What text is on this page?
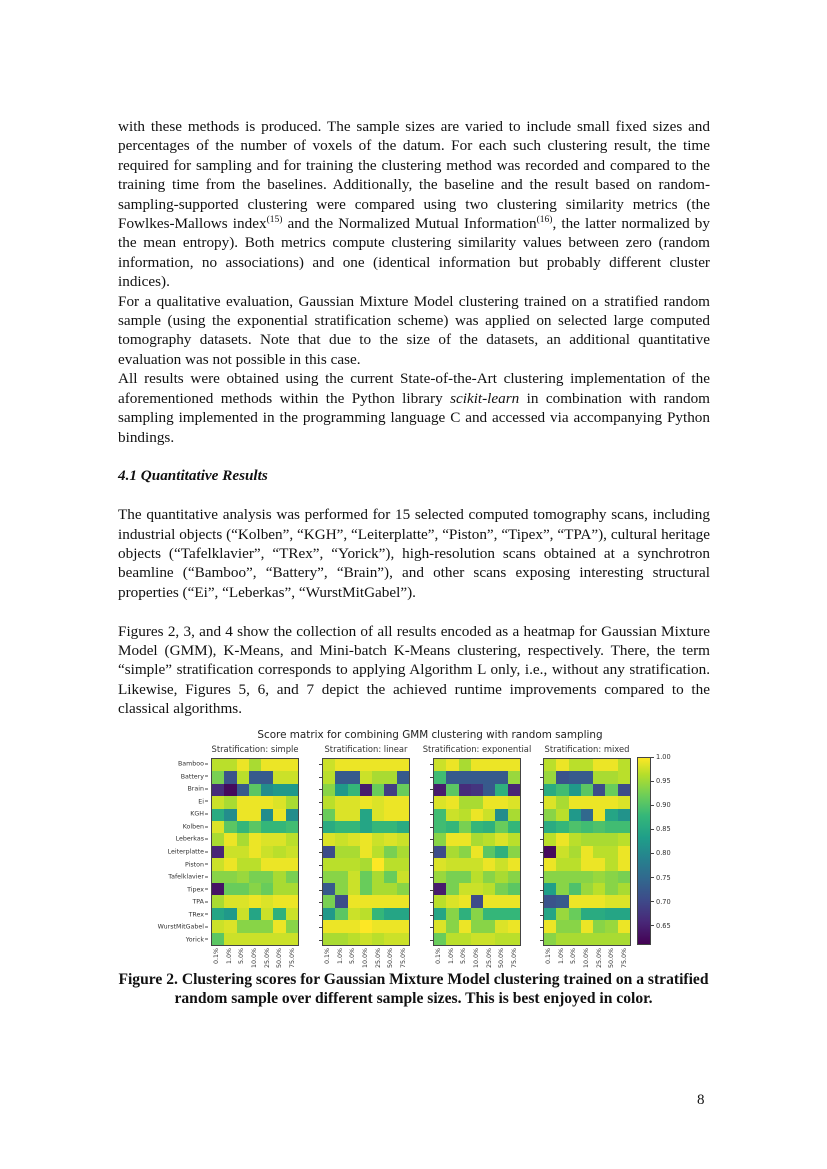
with these methods is produced. The sample sizes are varied to include small fixed sizes and percentages of the number of voxels of the datum. For each such clustering result, the time required for sampling and for training the clustering method was recorded and compared to the training time from the baselines. Additionally, the baseline and the result based on random-sampling-supported clustering were compared using two clustering similarity metrics (the Fowlkes-Mallows index$^{(15)}$ and the Normalized Mutual Information$^{(16)}$, the latter normalized by the mean entropy). Both metrics compute clustering similarity values between zero (random information, no associations) and one (identical information but probably different cluster indices).

For a qualitative evaluation, Gaussian Mixture Model clustering trained on a stratified random sample (using the exponential stratification scheme) was applied on selected large computed tomography datasets. Note that due to the size of the datasets, an additional quantitative evaluation was not possible in this case.

All results were obtained using the current State-of-the-Art clustering implementation of the aforementioned methods within the Python library scikit-learn in combination with random sampling implemented in the programming language C and accessed via accompanying Python bindings.

4.1 Quantitative Results

The quantitative analysis was performed for 15 selected computed tomography scans, including industrial objects (“Kolben”, “KGH”, “Leiterplatte”, “Piston”, “Tipex”, “TPA”), cultural heritage objects (“Tafelklavier”, “TRex”, “Yorick”), high-resolution scans obtained at a synchrotron beamline (“Bamboo”, “Battery”, “Brain”), and other scans exposing interesting structural properties (“Ei”, “Leberkas”, “WurstMitGabel”).

Figures 2, 3, and 4 show the collection of all results encoded as a heatmap for Gaussian Mixture Model (GMM), K-Means, and Mini-batch K-Means clustering, respectively. There, the term “simple” stratification corresponds to applying Algorithm L only, i.e., without any stratification. Likewise, Figures 5, 6, and 7 depict the achieved runtime improvements compared to the classical algorithms.

Score matrix for combining GMM clustering with random sampling
Bamboo
Battery
Brain
Ei
KGH
Kolben
Leberkas
Leiterplatte
Piston
Tafelklavier
Tipex
TPA
TRex
WurstMitGabel
Yorick
Stratification: simple
0.1% 1.0% 5.0% 10.0% 25.0% 50.0% 75.0%
Stratification: linear
0.1% 1.0% 5.0% 10.0% 25.0% 50.0% 75.0%
Stratification: exponential
0.1% 1.0% 5.0% 10.0% 25.0% 50.0% 75.0%
Stratification: mixed
0.1% 1.0% 5.0% 10.0% 25.0% 50.0% 75.0%
1.00
0.95
0.90
0.85
0.80
0.75
0.70
0.65
Figure 2. Clustering scores for Gaussian Mixture Model clustering trained on a stratified random sample over different sample sizes. This is best enjoyed in color.
8
